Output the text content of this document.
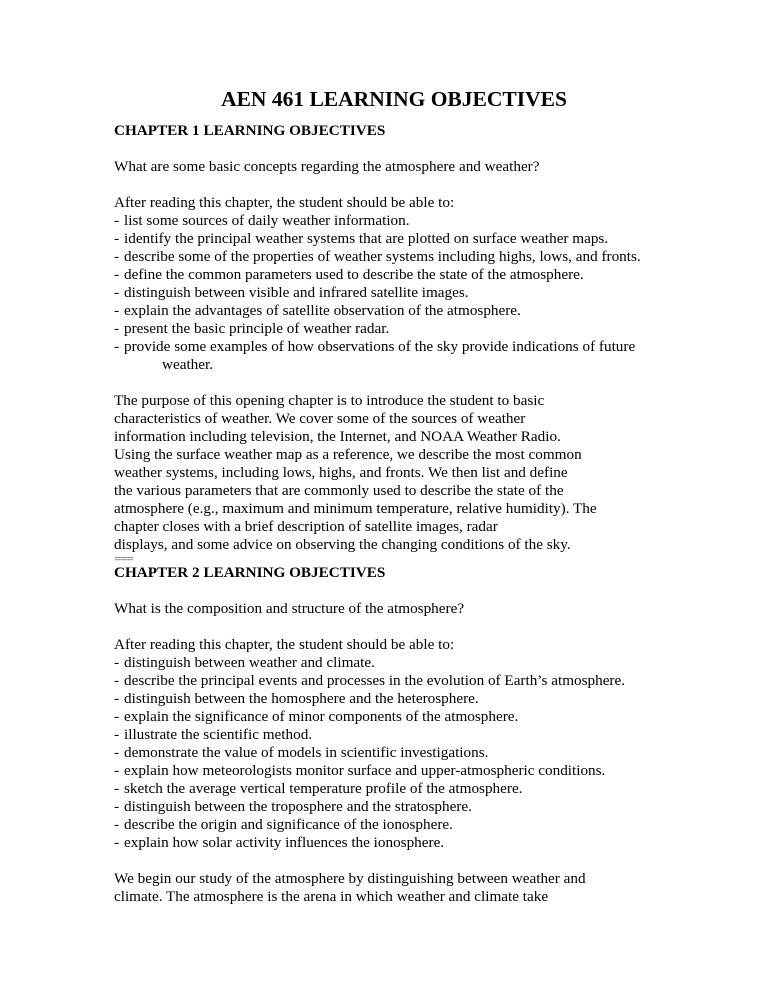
AEN 461 LEARNING OBJECTIVES
CHAPTER 1 LEARNING OBJECTIVES

What are some basic concepts regarding the atmosphere and weather?

After reading this chapter, the student should be able to:

- list some sources of daily weather information.
- identify the principal weather systems that are plotted on surface weather maps.
- describe some of the properties of weather systems including highs, lows, and fronts.
- define the common parameters used to describe the state of the atmosphere.
- distinguish between visible and infrared satellite images.
- explain the advantages of satellite observation of the atmosphere.
- present the basic principle of weather radar.
- provide some examples of how observations of the sky provide indications of future
weather.

The purpose of this opening chapter is to introduce the student to basic
characteristics of weather. We cover some of the sources of weather
information including television, the Internet, and NOAA Weather Radio.
Using the surface weather map as a reference, we describe the most common
weather systems, including lows, highs, and fronts. We then list and define
the various parameters that are commonly used to describe the state of the
atmosphere (e.g., maximum and minimum temperature, relative humidity). The
chapter closes with a brief description of satellite images, radar
displays, and some advice on observing the changing conditions of the sky.

===

CHAPTER 2 LEARNING OBJECTIVES

What is the composition and structure of the atmosphere?

After reading this chapter, the student should be able to:

- distinguish between weather and climate.
- describe the principal events and processes in the evolution of Earth’s atmosphere.
- distinguish between the homosphere and the heterosphere.
- explain the significance of minor components of the atmosphere.
- illustrate the scientific method.
- demonstrate the value of models in scientific investigations.
- explain how meteorologists monitor surface and upper-atmospheric conditions.
- sketch the average vertical temperature profile of the atmosphere.
- distinguish between the troposphere and the stratosphere.
- describe the origin and significance of the ionosphere.
- explain how solar activity influences the ionosphere.

We begin our study of the atmosphere by distinguishing between weather and
climate. The atmosphere is the arena in which weather and climate take
